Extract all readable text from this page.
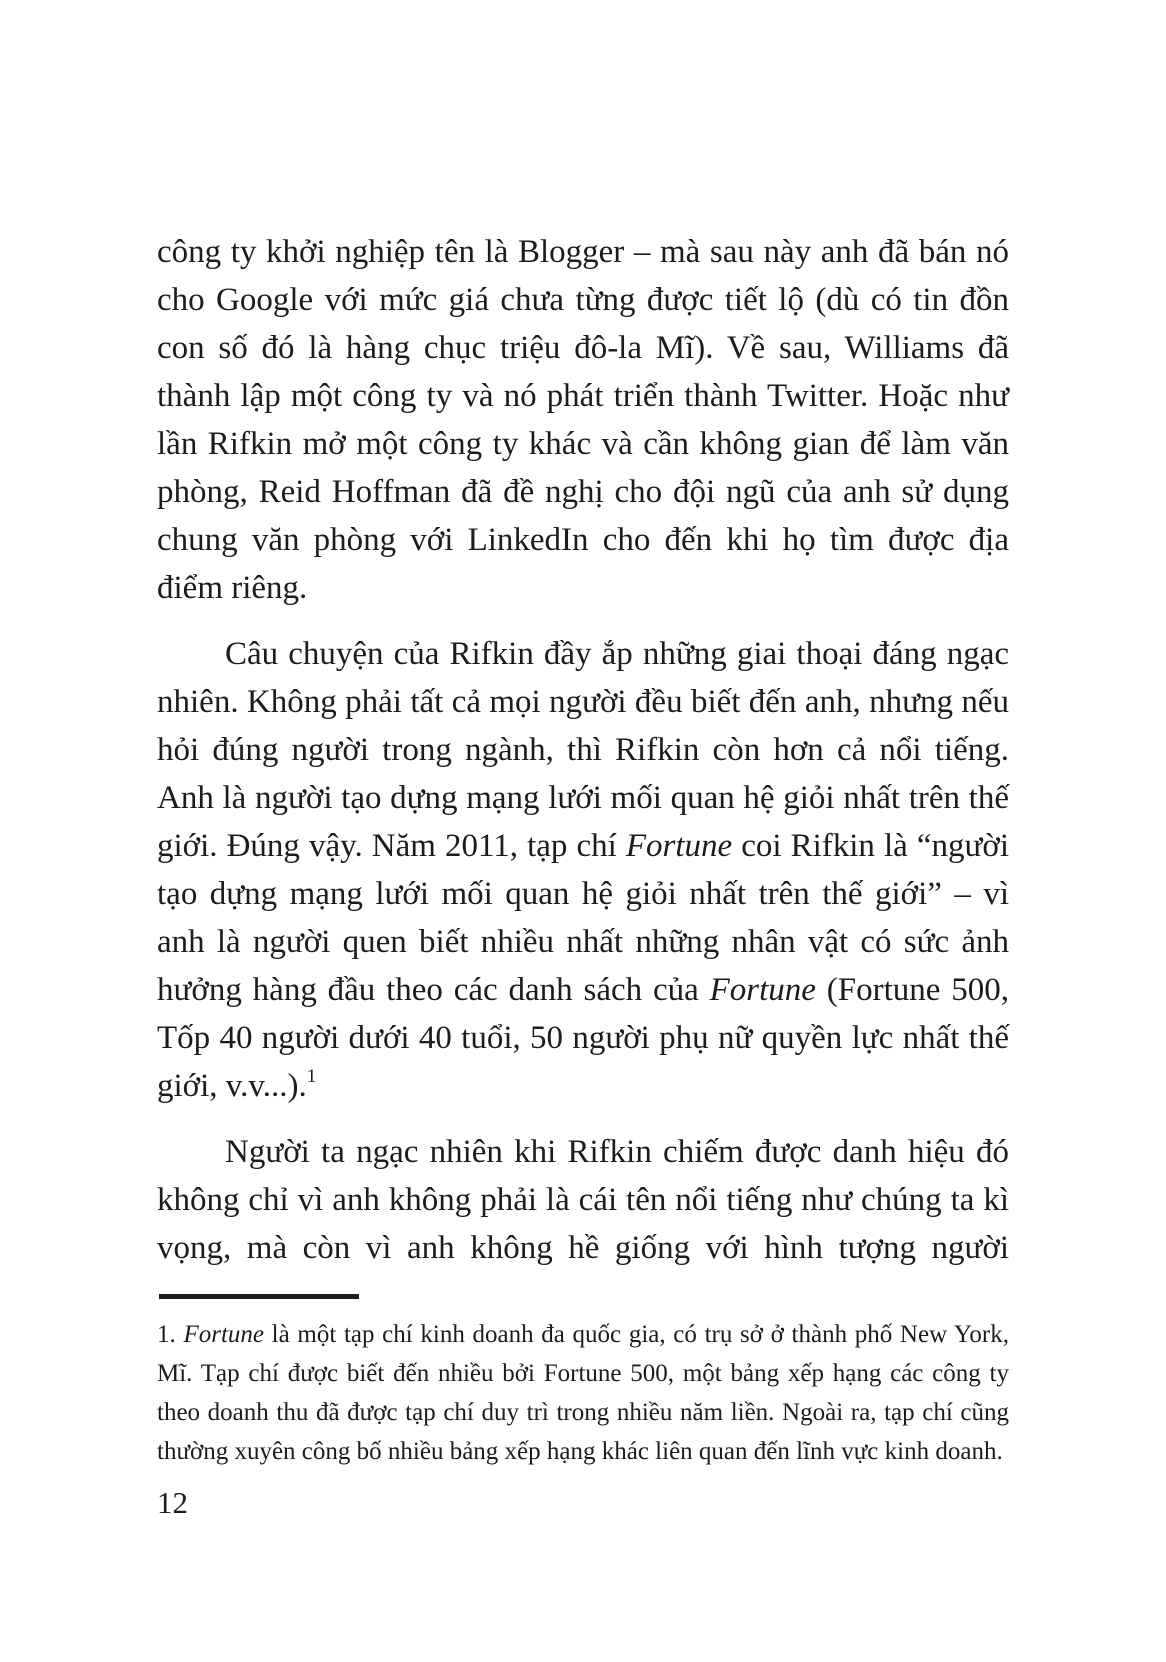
công ty khởi nghiệp tên là Blogger – mà sau này anh đã bán nó cho Google với mức giá chưa từng được tiết lộ (dù có tin đồn con số đó là hàng chục triệu đô-la Mĩ). Về sau, Williams đã thành lập một công ty và nó phát triển thành Twitter. Hoặc như lần Rifkin mở một công ty khác và cần không gian để làm văn phòng, Reid Hoffman đã đề nghị cho đội ngũ của anh sử dụng chung văn phòng với LinkedIn cho đến khi họ tìm được địa điểm riêng.

Câu chuyện của Rifkin đầy ắp những giai thoại đáng ngạc nhiên. Không phải tất cả mọi người đều biết đến anh, nhưng nếu hỏi đúng người trong ngành, thì Rifkin còn hơn cả nổi tiếng. Anh là người tạo dựng mạng lưới mối quan hệ giỏi nhất trên thế giới. Đúng vậy. Năm 2011, tạp chí Fortune coi Rifkin là “người tạo dựng mạng lưới mối quan hệ giỏi nhất trên thế giới” – vì anh là người quen biết nhiều nhất những nhân vật có sức ảnh hưởng hàng đầu theo các danh sách của Fortune (Fortune 500, Tốp 40 người dưới 40 tuổi, 50 người phụ nữ quyền lực nhất thế giới, v.v...).$^1$

Người ta ngạc nhiên khi Rifkin chiếm được danh hiệu đó không chỉ vì anh không phải là cái tên nổi tiếng như chúng ta kì vọng, mà còn vì anh không hề giống với hình tượng người

1. Fortune là một tạp chí kinh doanh đa quốc gia, có trụ sở ở thành phố New York, Mĩ. Tạp chí được biết đến nhiều bởi Fortune 500, một bảng xếp hạng các công ty theo doanh thu đã được tạp chí duy trì trong nhiều năm liền. Ngoài ra, tạp chí cũng thường xuyên công bố nhiều bảng xếp hạng khác liên quan đến lĩnh vực kinh doanh.

12
